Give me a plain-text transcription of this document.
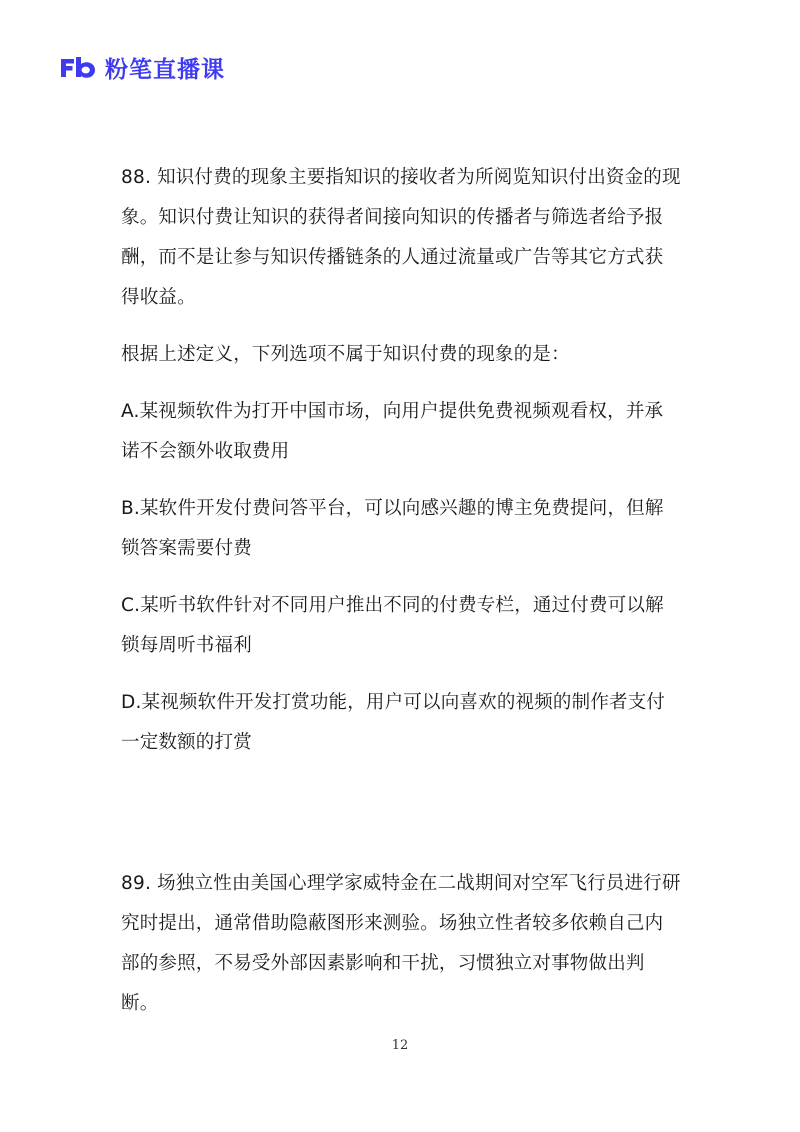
粉笔直播课

88. 知识付费的现象主要指知识的接收者为所阅览知识付出资金的现象。知识付费让知识的获得者间接向知识的传播者与筛选者给予报酬，而不是让参与知识传播链条的人通过流量或广告等其它方式获得收益。

根据上述定义，下列选项不属于知识付费的现象的是：

A.某视频软件为打开中国市场，向用户提供免费视频观看权，并承诺不会额外收取费用

B.某软件开发付费问答平台，可以向感兴趣的博主免费提问，但解锁答案需要付费

C.某听书软件针对不同用户推出不同的付费专栏，通过付费可以解锁每周听书福利

D.某视频软件开发打赏功能，用户可以向喜欢的视频的制作者支付一定数额的打赏

89. 场独立性由美国心理学家威特金在二战期间对空军飞行员进行研究时提出，通常借助隐蔽图形来测验。场独立性者较多依赖自己内部的参照，不易受外部因素影响和干扰，习惯独立对事物做出判断。

12
